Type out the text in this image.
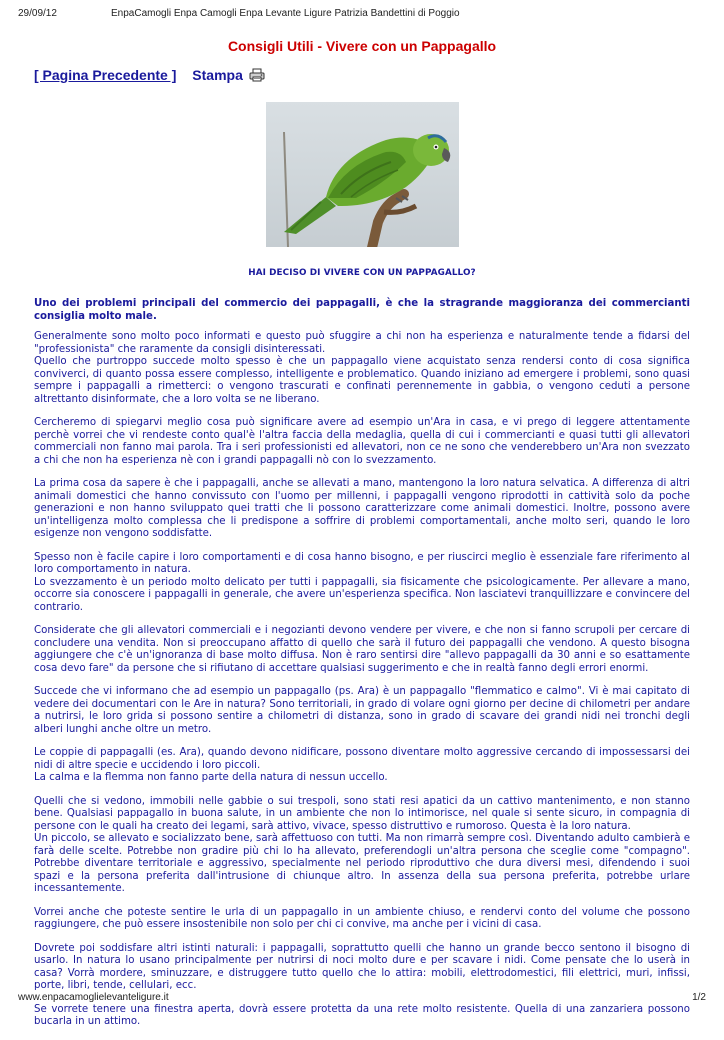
29/09/12	EnpaCamogli Enpa Camogli Enpa Levante Ligure Patrizia Bandettini di Poggio
Consigli Utili - Vivere con un Pappagallo
[ Pagina Precedente ] Stampa
HAI DECISO DI VIVERE CON UN PAPPAGALLO?

Uno dei problemi principali del commercio dei pappagalli, è che la stragrande maggioranza dei commercianti consiglia molto male.

Generalmente sono molto poco informati e questo può sfuggire a chi non ha esperienza e naturalmente tende a fidarsi del "professionista" che raramente da consigli disinteressati.
Quello che purtroppo succede molto spesso è che un pappagallo viene acquistato senza rendersi conto di cosa significa conviverci, di quanto possa essere complesso, intelligente e problematico. Quando iniziano ad emergere i problemi, sono quasi sempre i pappagalli a rimetterci: o vengono trascurati e confinati perennemente in gabbia, o vengono ceduti a persone altrettanto disinformate, che a loro volta se ne liberano.

Cercheremo di spiegarvi meglio cosa può significare avere ad esempio un'Ara in casa, e vi prego di leggere attentamente perchè vorrei che vi rendeste conto qual'è l'altra faccia della medaglia, quella di cui i commercianti e quasi tutti gli allevatori commerciali non fanno mai parola. Tra i seri professionisti ed allevatori, non ce ne sono che venderebbero un'Ara non svezzato a chi che non ha esperienza nè con i grandi pappagalli nò con lo svezzamento.

La prima cosa da sapere è che i pappagalli, anche se allevati a mano, mantengono la loro natura selvatica. A differenza di altri animali domestici che hanno convissuto con l'uomo per millenni, i pappagalli vengono riprodotti in cattività solo da poche generazioni e non hanno sviluppato quei tratti che li possono caratterizzare come animali domestici. Inoltre, possono avere un'intelligenza molto complessa che li predispone a soffrire di problemi comportamentali, anche molto seri, quando le loro esigenze non vengono soddisfatte.

Spesso non è facile capire i loro comportamenti e di cosa hanno bisogno, e per riuscirci meglio è essenziale fare riferimento al loro comportamento in natura.
Lo svezzamento è un periodo molto delicato per tutti i pappagalli, sia fisicamente che psicologicamente. Per allevare a mano, occorre sia conoscere i pappagalli in generale, che avere un'esperienza specifica. Non lasciatevi tranquillizzare e convincere del contrario.

Considerate che gli allevatori commerciali e i negozianti devono vendere per vivere, e che non si fanno scrupoli per cercare di concludere una vendita. Non si preoccupano affatto di quello che sarà il futuro dei pappagalli che vendono. A questo bisogna aggiungere che c'è un'ignoranza di base molto diffusa. Non è raro sentirsi dire "allevo pappagalli da 30 anni e so esattamente cosa devo fare" da persone che si rifiutano di accettare qualsiasi suggerimento e che in realtà fanno degli errori enormi.

Succede che vi informano che ad esempio un pappagallo (ps. Ara) è un pappagallo "flemmatico e calmo". Vi è mai capitato di vedere dei documentari con le Are in natura? Sono territoriali, in grado di volare ogni giorno per decine di chilometri per andare a nutrirsi, le loro grida si possono sentire a chilometri di distanza, sono in grado di scavare dei grandi nidi nei tronchi degli alberi lunghi anche oltre un metro.

Le coppie di pappagalli (es. Ara), quando devono nidificare, possono diventare molto aggressive cercando di impossessarsi dei nidi di altre specie e uccidendo i loro piccoli.
La calma e la flemma non fanno parte della natura di nessun uccello.

Quelli che si vedono, immobili nelle gabbie o sui trespoli, sono stati resi apatici da un cattivo mantenimento, e non stanno bene. Qualsiasi pappagallo in buona salute, in un ambiente che non lo intimorisce, nel quale si sente sicuro, in compagnia di persone con le quali ha creato dei legami, sarà attivo, vivace, spesso distruttivo e rumoroso. Questa è la loro natura.
Un piccolo, se allevato e socializzato bene, sarà affettuoso con tutti. Ma non rimarrà sempre così. Diventando adulto cambierà e farà delle scelte. Potrebbe non gradire più chi lo ha allevato, preferendogli un'altra persona che sceglie come "compagno". Potrebbe diventare territoriale e aggressivo, specialmente nel periodo riproduttivo che dura diversi mesi, difendendo i suoi spazi e la persona preferita dall'intrusione di chiunque altro. In assenza della sua persona preferita, potrebbe urlare incessantemente.

Vorrei anche che poteste sentire le urla di un pappagallo in un ambiente chiuso, e rendervi conto del volume che possono raggiungere, che può essere insostenibile non solo per chi ci convive, ma anche per i vicini di casa.

Dovrete poi soddisfare altri istinti naturali: i pappagalli, soprattutto quelli che hanno un grande becco sentono il bisogno di usarlo. In natura lo usano principalmente per nutrirsi di noci molto dure e per scavare i nidi. Come pensate che lo userà in casa? Vorrà mordere, sminuzzare, e distruggere tutto quello che lo attira: mobili, elettrodomestici, fili elettrici, muri, infissi, porte, libri, tende, cellulari, ecc.

Se vorrete tenere una finestra aperta, dovrà essere protetta da una rete molto resistente. Quella di una zanzariera possono bucarla in un attimo.

www.enpacamoglielevanteligure.it	1/2
